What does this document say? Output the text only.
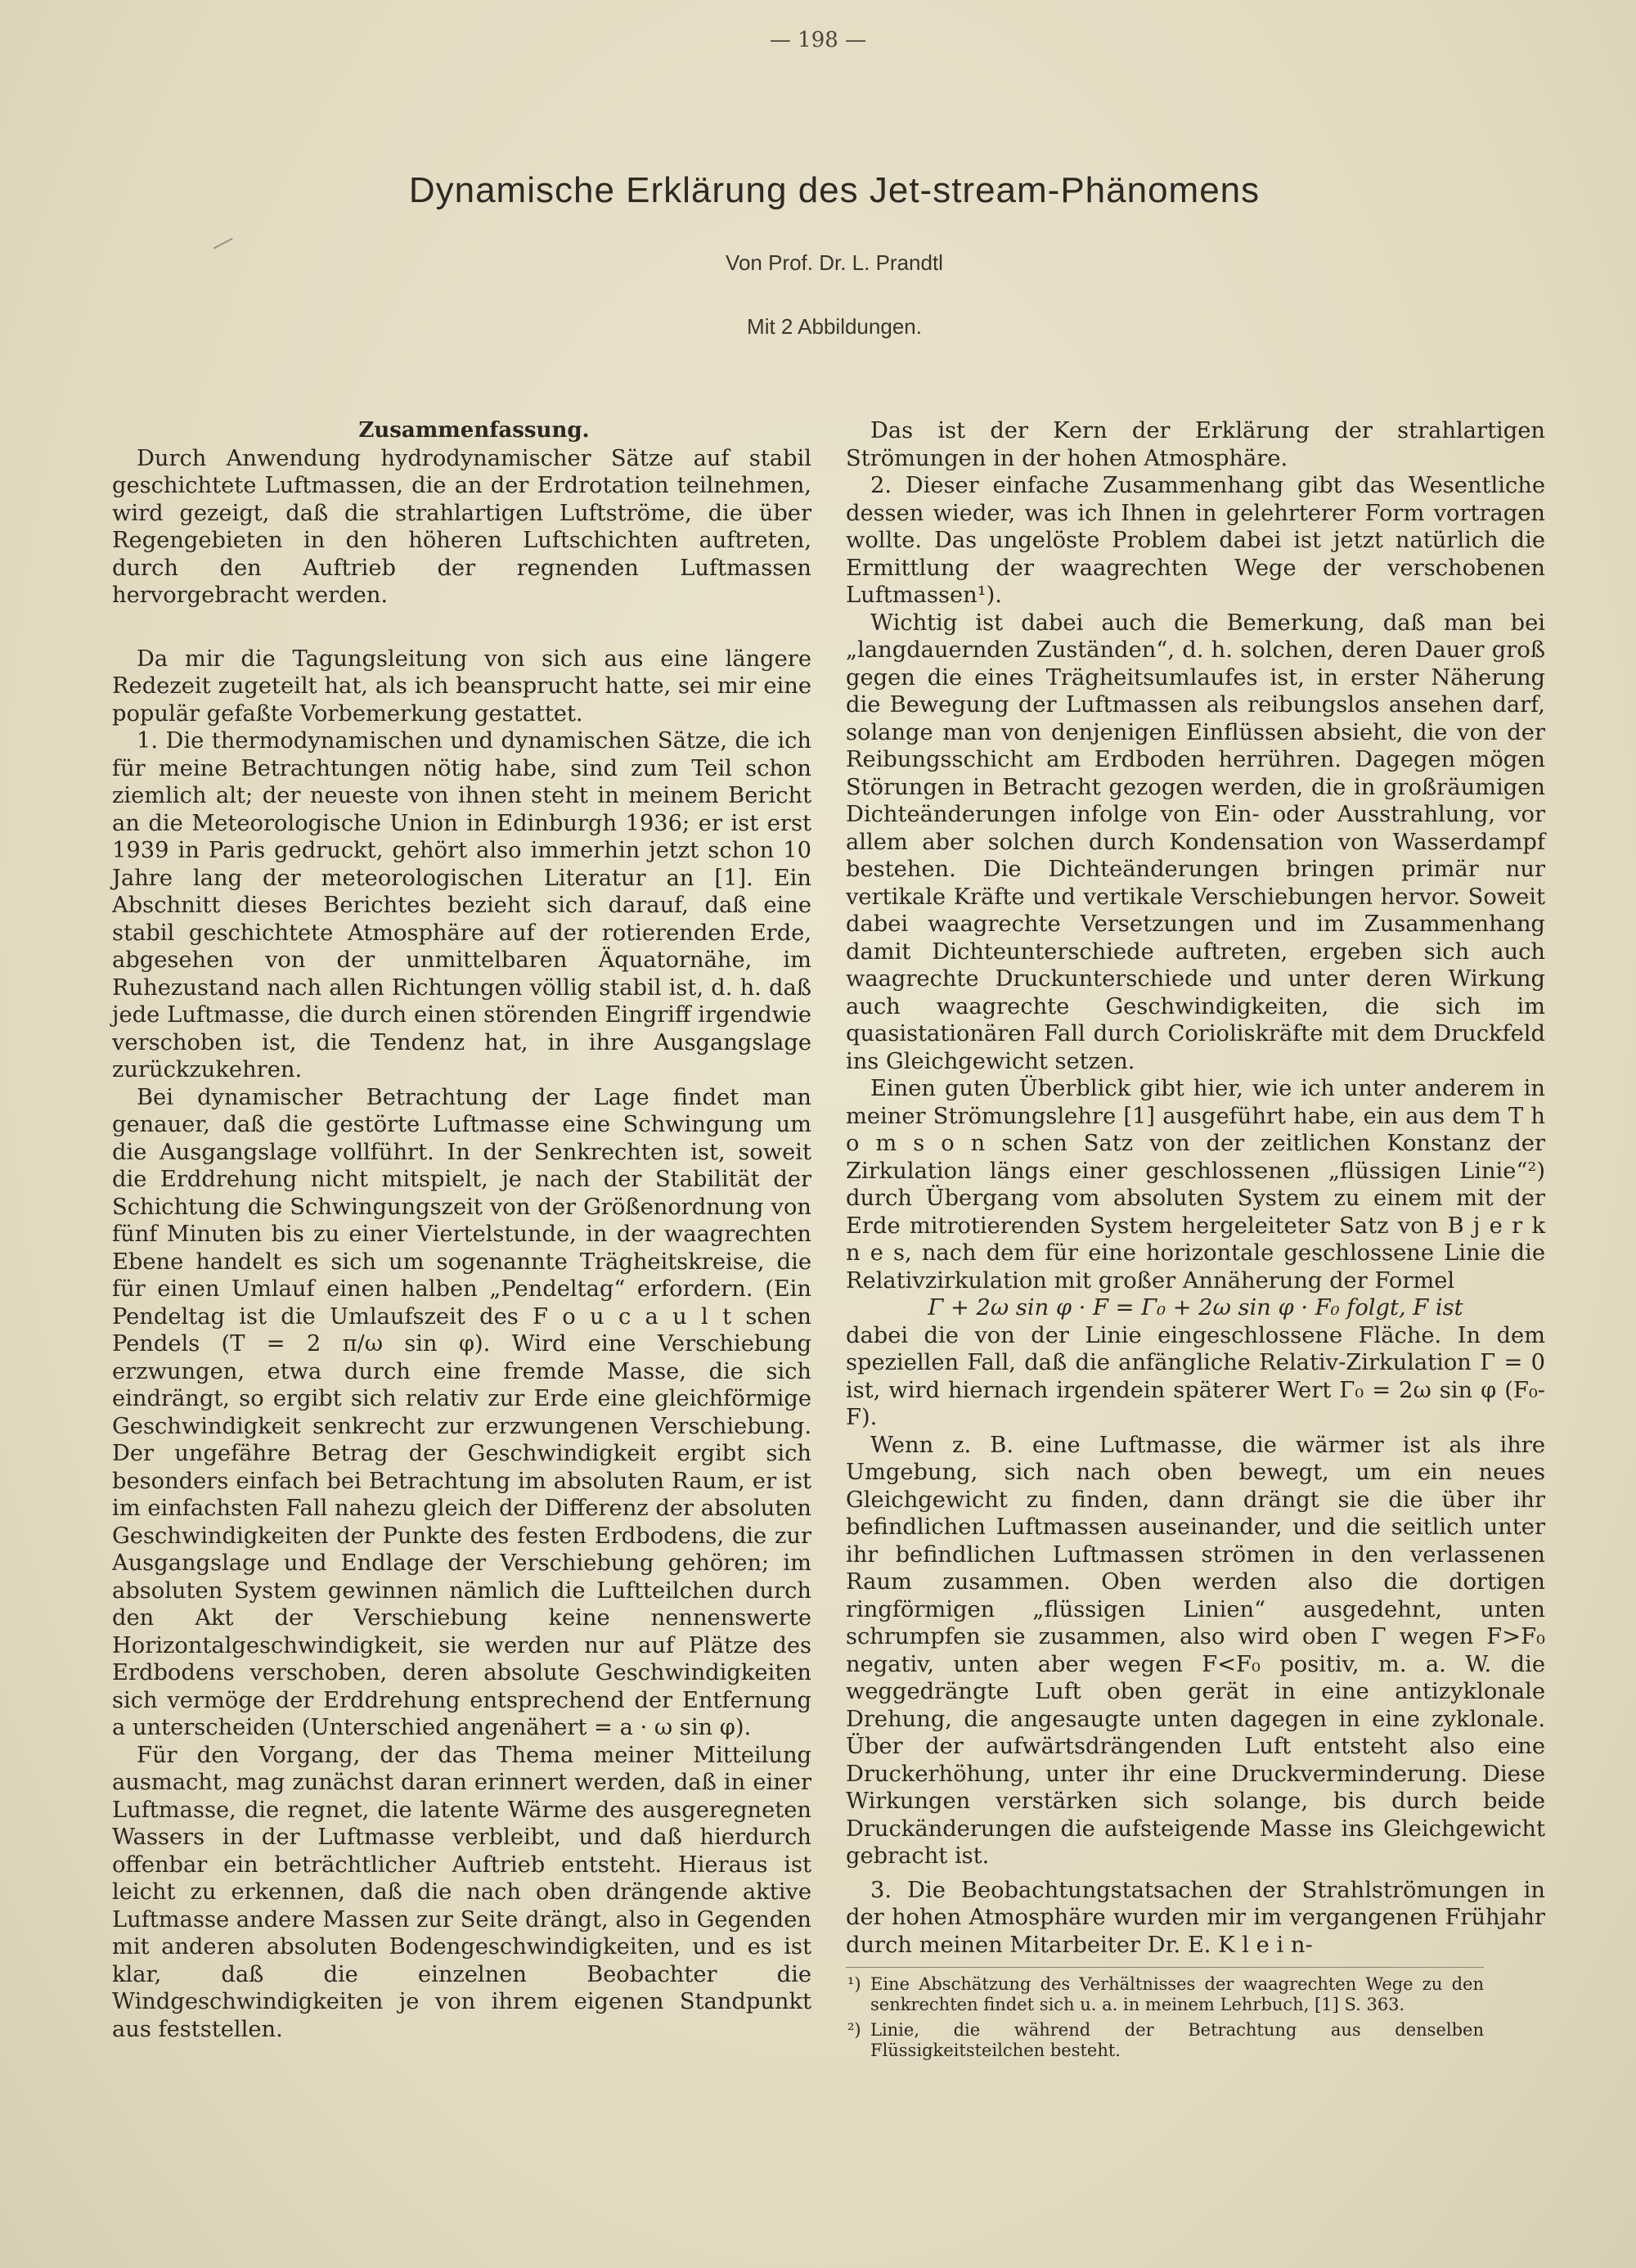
— 198 —
Dynamische Erklärung des Jet-stream-Phänomens
Von Prof. Dr. L. Prandtl
Mit 2 Abbildungen.

Zusammenfassung.

Durch Anwendung hydrodynamischer Sätze auf stabil geschichtete Luftmassen, die an der Erdrotation teilnehmen, wird gezeigt, daß die strahlartigen Luftströme, die über Regengebieten in den höheren Luftschichten auftreten, durch den Auftrieb der regnenden Luftmassen hervorgebracht werden.

Da mir die Tagungsleitung von sich aus eine längere Redezeit zugeteilt hat, als ich beansprucht hatte, sei mir eine populär gefaßte Vorbemerkung gestattet.

1. Die thermodynamischen und dynamischen Sätze, die ich für meine Betrachtungen nötig habe, sind zum Teil schon ziemlich alt; der neueste von ihnen steht in meinem Bericht an die Meteorologische Union in Edinburgh 1936; er ist erst 1939 in Paris gedruckt, gehört also immerhin jetzt schon 10 Jahre lang der meteorologischen Literatur an [1]. Ein Abschnitt dieses Berichtes bezieht sich darauf, daß eine stabil geschichtete Atmosphäre auf der rotierenden Erde, abgesehen von der unmittelbaren Äquatornähe, im Ruhezustand nach allen Richtungen völlig stabil ist, d. h. daß jede Luftmasse, die durch einen störenden Eingriff irgendwie verschoben ist, die Tendenz hat, in ihre Ausgangslage zurückzukehren.

Bei dynamischer Betrachtung der Lage findet man genauer, daß die gestörte Luftmasse eine Schwingung um die Ausgangslage vollführt. In der Senkrechten ist, soweit die Erddrehung nicht mitspielt, je nach der Stabilität der Schichtung die Schwingungszeit von der Größenordnung von fünf Minuten bis zu einer Viertelstunde, in der waagrechten Ebene handelt es sich um sogenannte Trägheitskreise, die für einen Umlauf einen halben „Pendeltag“ erfordern. (Ein Pendeltag ist die Umlaufszeit des F o u c a u l t schen Pendels (T = 2 π/ω sin φ). Wird eine Verschiebung erzwungen, etwa durch eine fremde Masse, die sich eindrängt, so ergibt sich relativ zur Erde eine gleichförmige Geschwindigkeit senkrecht zur erzwungenen Verschiebung. Der ungefähre Betrag der Geschwindigkeit ergibt sich besonders einfach bei Betrachtung im absoluten Raum, er ist im einfachsten Fall nahezu gleich der Differenz der absoluten Geschwindigkeiten der Punkte des festen Erdbodens, die zur Ausgangslage und Endlage der Verschiebung gehören; im absoluten System gewinnen nämlich die Luftteilchen durch den Akt der Verschiebung keine nennenswerte Horizontalgeschwindigkeit, sie werden nur auf Plätze des Erdbodens verschoben, deren absolute Geschwindigkeiten sich vermöge der Erddrehung entsprechend der Entfernung a unterscheiden (Unterschied angenähert = a · ω sin φ).

Für den Vorgang, der das Thema meiner Mitteilung ausmacht, mag zunächst daran erinnert werden, daß in einer Luftmasse, die regnet, die latente Wärme des ausgeregneten Wassers in der Luftmasse verbleibt, und daß hierdurch offenbar ein beträchtlicher Auftrieb entsteht. Hieraus ist leicht zu erkennen, daß die nach oben drängende aktive Luftmasse andere Massen zur Seite drängt, also in Gegenden mit anderen absoluten Bodengeschwindigkeiten, und es ist klar, daß die einzelnen Beobachter die Windgeschwindigkeiten je von ihrem eigenen Standpunkt aus feststellen.

Das ist der Kern der Erklärung der strahlartigen Strömungen in der hohen Atmosphäre.

2. Dieser einfache Zusammenhang gibt das Wesentliche dessen wieder, was ich Ihnen in gelehrterer Form vortragen wollte. Das ungelöste Problem dabei ist jetzt natürlich die Ermittlung der waagrechten Wege der verschobenen Luftmassen¹).

Wichtig ist dabei auch die Bemerkung, daß man bei „langdauernden Zuständen“, d. h. solchen, deren Dauer groß gegen die eines Trägheitsumlaufes ist, in erster Näherung die Bewegung der Luftmassen als reibungslos ansehen darf, solange man von denjenigen Einflüssen absieht, die von der Reibungsschicht am Erdboden herrühren. Dagegen mögen Störungen in Betracht gezogen werden, die in großräumigen Dichteänderungen infolge von Ein- oder Ausstrahlung, vor allem aber solchen durch Kondensation von Wasserdampf bestehen. Die Dichteänderungen bringen primär nur vertikale Kräfte und vertikale Verschiebungen hervor. Soweit dabei waagrechte Versetzungen und im Zusammenhang damit Dichteunterschiede auftreten, ergeben sich auch waagrechte Druckunterschiede und unter deren Wirkung auch waagrechte Geschwindigkeiten, die sich im quasistationären Fall durch Corioliskräfte mit dem Druckfeld ins Gleichgewicht setzen.

Einen guten Überblick gibt hier, wie ich unter anderem in meiner Strömungslehre [1] ausgeführt habe, ein aus dem T h o m s o n schen Satz von der zeitlichen Konstanz der Zirkulation längs einer geschlossenen „flüssigen Linie“²) durch Übergang vom absoluten System zu einem mit der Erde mitrotierenden System hergeleiteter Satz von B j e r k n e s, nach dem für eine horizontale geschlossene Linie die Relativzirkulation mit großer Annäherung der Formel

Γ + 2ω sin φ · F = Γ₀ + 2ω sin φ · F₀ folgt, F ist

dabei die von der Linie eingeschlossene Fläche. In dem speziellen Fall, daß die anfängliche Relativ-Zirkulation Γ = 0 ist, wird hiernach irgendein späterer Wert Γ₀ = 2ω sin φ (F₀-F).

Wenn z. B. eine Luftmasse, die wärmer ist als ihre Umgebung, sich nach oben bewegt, um ein neues Gleichgewicht zu finden, dann drängt sie die über ihr befindlichen Luftmassen auseinander, und die seitlich unter ihr befindlichen Luftmassen strömen in den verlassenen Raum zusammen. Oben werden also die dortigen ringförmigen „flüssigen Linien“ ausgedehnt, unten schrumpfen sie zusammen, also wird oben Γ wegen F>F₀ negativ, unten aber wegen F<F₀ positiv, m. a. W. die weggedrängte Luft oben gerät in eine antizyklonale Drehung, die angesaugte unten dagegen in eine zyklonale. Über der aufwärtsdrängenden Luft entsteht also eine Druckerhöhung, unter ihr eine Druckverminderung. Diese Wirkungen verstärken sich solange, bis durch beide Druckänderungen die aufsteigende Masse ins Gleichgewicht gebracht ist.

3. Die Beobachtungstatsachen der Strahlströmungen in der hohen Atmosphäre wurden mir im vergangenen Frühjahr durch meinen Mitarbeiter Dr. E. K l e i n-

¹) Eine Abschätzung des Verhältnisses der waagrechten Wege zu den senkrechten findet sich u. a. in meinem Lehrbuch, [1] S. 363.

²) Linie, die während der Betrachtung aus denselben Flüssigkeitsteilchen besteht.
